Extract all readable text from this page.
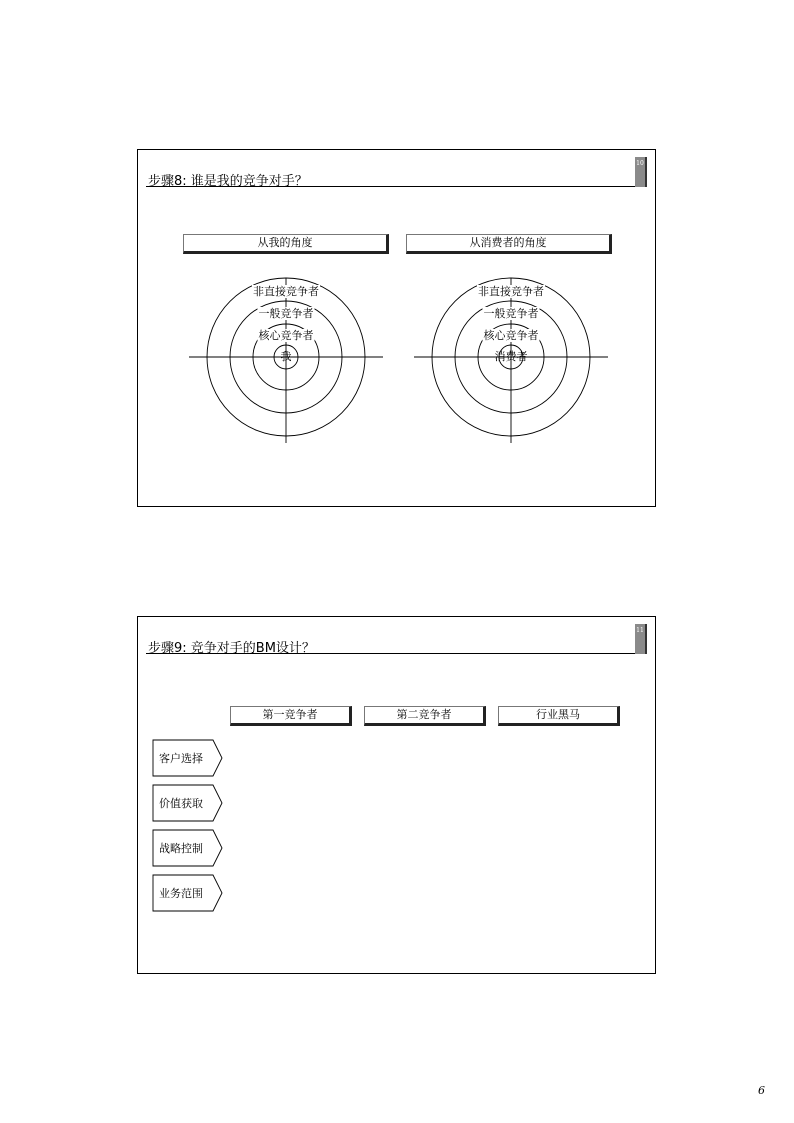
步骤8: 谁是我的竞争对手？
10
从我的角度	从消费者的角度
非直接竞争者
一般竞争者
核心竞争者
我
非直接竞争者
一般竞争者
核心竞争者
消费者
步骤9: 竞争对手的BM设计？
11
第一竞争者	第二竞争者	行业黑马
客户选择
价值获取
战略控制
业务范围
6
